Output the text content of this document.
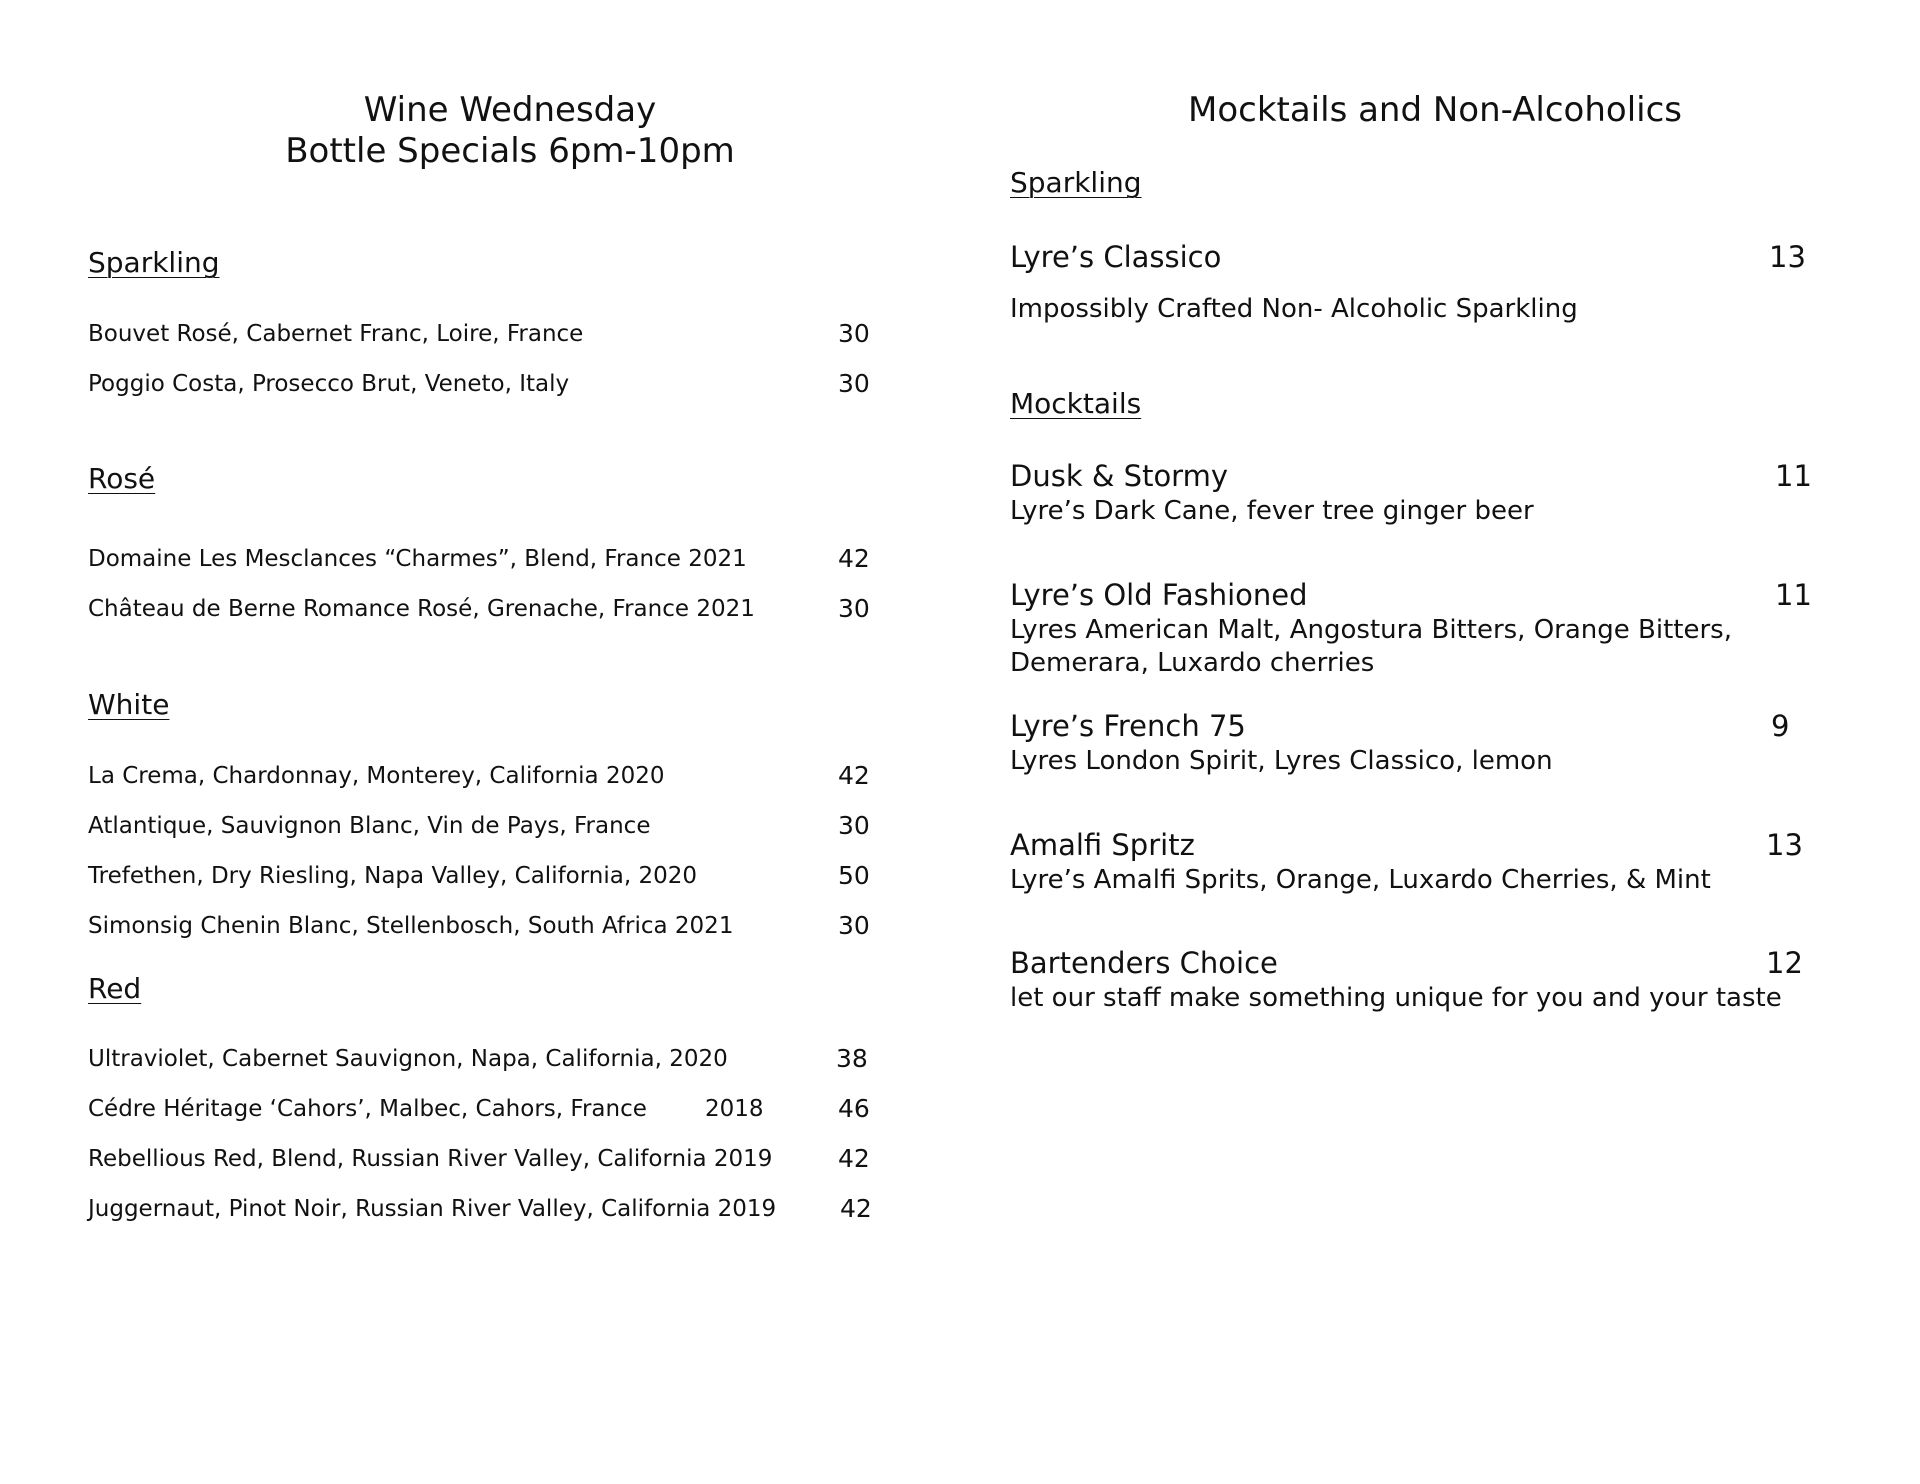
Wine Wednesday
Bottle Specials 6pm-10pm
Sparkling
Bouvet Rosé, Cabernet Franc, Loire, France	30
Poggio Costa, Prosecco Brut, Veneto, Italy	30
Rosé
Domaine Les Mesclances “Charmes”, Blend, France 2021	42
Château de Berne Romance Rosé, Grenache, France 2021	30
White
La Crema, Chardonnay, Monterey, California 2020	42
Atlantique, Sauvignon Blanc, Vin de Pays, France	30
Trefethen, Dry Riesling, Napa Valley, California, 2020	50
Simonsig Chenin Blanc, Stellenbosch, South Africa 2021	30
Red
Ultraviolet, Cabernet Sauvignon, Napa, California, 2020	38
Cédre Héritage ‘Cahors’, Malbec, Cahors, France	2018	46
Rebellious Red, Blend, Russian River Valley, California 2019	42
Juggernaut, Pinot Noir, Russian River Valley, California 2019	42
Mocktails and Non-Alcoholics
Sparkling
Lyre’s Classico	13
Impossibly Crafted Non- Alcoholic Sparkling
Mocktails
Dusk & Stormy	11
Lyre’s Dark Cane, fever tree ginger beer
Lyre’s Old Fashioned	11
Lyres American Malt, Angostura Bitters, Orange Bitters,
Demerara, Luxardo cherries
Lyre’s French 75	9
Lyres London Spirit, Lyres Classico, lemon
Amalfi Spritz	13
Lyre’s Amalfi Sprits, Orange, Luxardo Cherries, & Mint
Bartenders Choice	12
let our staff make something unique for you and your taste
